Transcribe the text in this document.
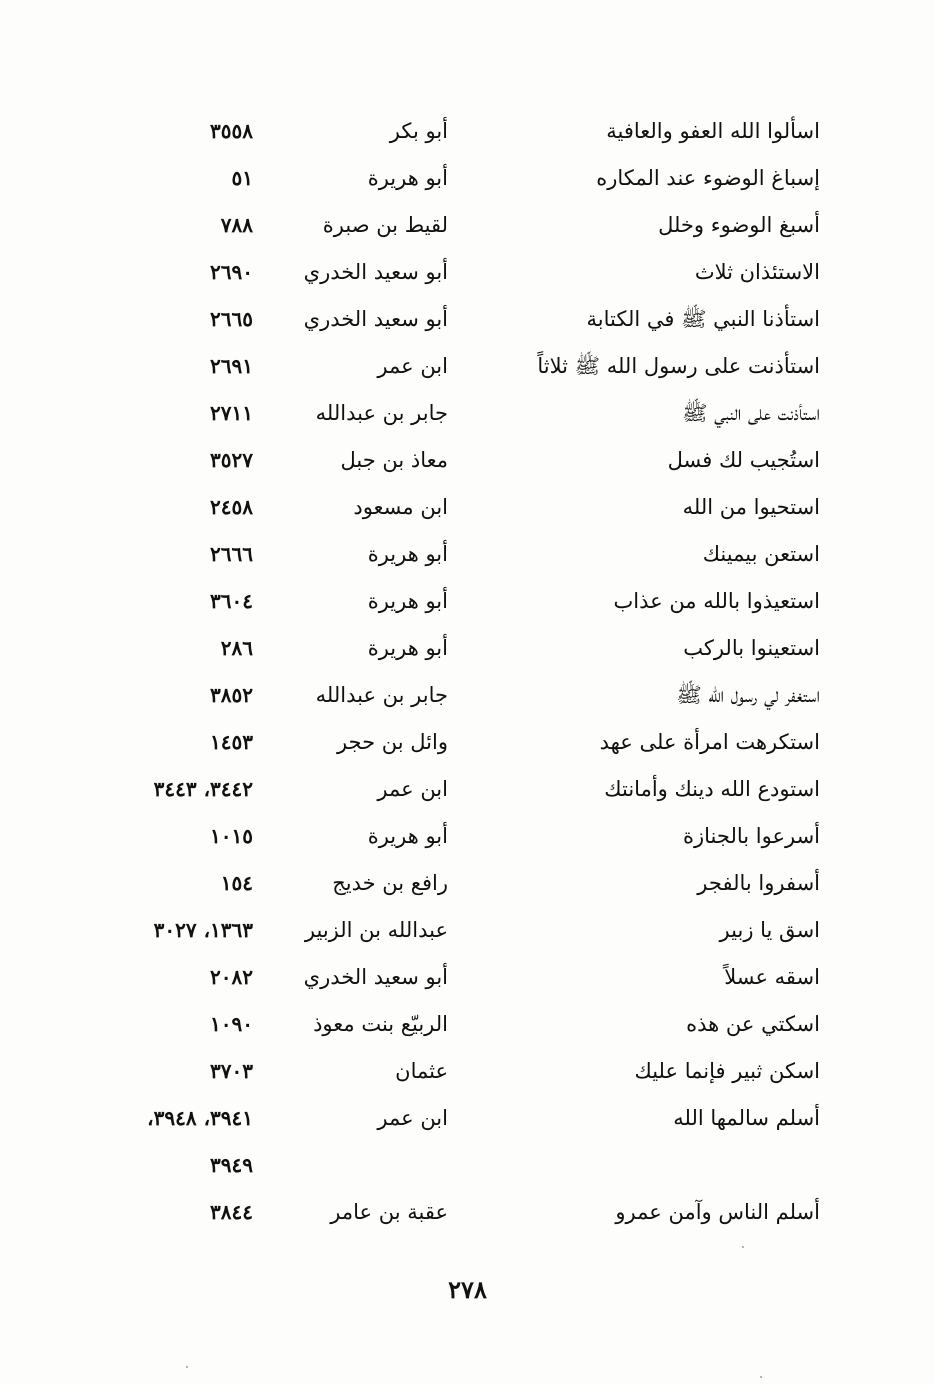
اسألوا الله العفو والعافية
أبو بكر
٣٥٥٨
إسباغ الوضوء عند المكاره
أبو هريرة
٥١
أسبغ الوضوء وخلل
لقيط بن صبرة
٧٨٨
الاستئذان ثلاث
أبو سعيد الخدري
٢٦٩٠
استأذنا النبي ﷺ في الكتابة
أبو سعيد الخدري
٢٦٦٥
استأذنت على رسول الله ﷺ ثلاثاً
ابن عمر
٢٦٩١
استأذنت على النبي ﷺ
جابر بن عبدالله
٢٧١١
استُجيب لك فسل
معاذ بن جبل
٣٥٢٧
استحيوا من الله
ابن مسعود
٢٤٥٨
استعن بيمينك
أبو هريرة
٢٦٦٦
استعيذوا بالله من عذاب
أبو هريرة
٣٦٠٤
استعينوا بالركب
أبو هريرة
٢٨٦
استغفر لي رسول الله ﷺ
جابر بن عبدالله
٣٨٥٢
استكرهت امرأة على عهد
وائل بن حجر
١٤٥٣
استودع الله دينك وأمانتك
ابن عمر
٣٤٤٢، ٣٤٤٣
أسرعوا بالجنازة
أبو هريرة
١٠١٥
أسفروا بالفجر
رافع بن خديج
١٥٤
اسق يا زبير
عبدالله بن الزبير
١٣٦٣، ٣٠٢٧
اسقه عسلاً
أبو سعيد الخدري
٢٠٨٢
اسكتي عن هذه
الربيّع بنت معوذ
١٠٩٠
اسكن ثبير فإنما عليك
عثمان
٣٧٠٣
أسلم سالمها الله
ابن عمر
٣٩٤١، ٣٩٤٨،
٣٩٤٩
أسلم الناس وآمن عمرو
عقبة بن عامر
٣٨٤٤
٢٧٨
